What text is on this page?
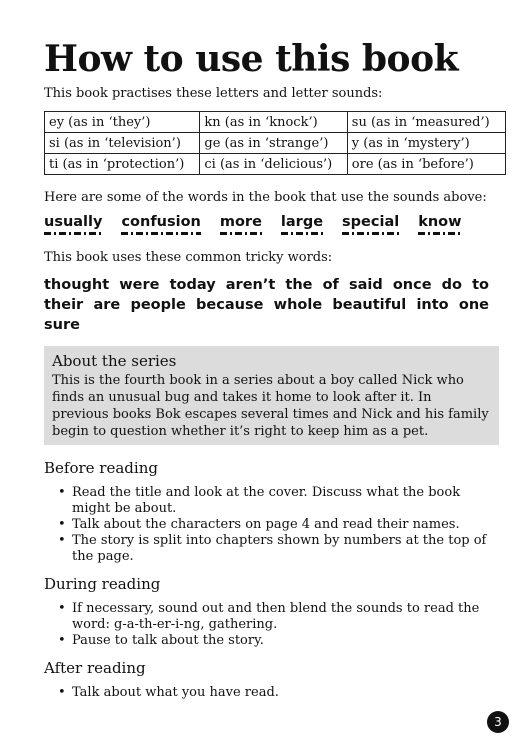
How to use this book

This book practises these letters and letter sounds:

ey (as in ‘they’)	kn (as in ‘knock’)	su (as in ‘measured’)
si (as in ‘television’)	ge (as in ‘strange’)	y (as in ‘mystery’)
ti (as in ‘protection’)	ci (as in ‘delicious’)	ore (as in ‘before’)

Here are some of the words in the book that use the sounds above:

usually confusion more large special know

This book uses these common tricky words:

thought were today aren’t the of said once do to their are people because whole beautiful into one sure

About the series

This is the fourth book in a series about a boy called Nick who finds an unusual bug and takes it home to look after it. In previous books Bok escapes several times and Nick and his family begin to question whether it’s right to keep him as a pet.

Before reading
• Read the title and look at the cover. Discuss what the book might be about.
• Talk about the characters on page 4 and read their names.
• The story is split into chapters shown by numbers at the top of the page.
During reading
• If necessary, sound out and then blend the sounds to read the word: g-a-th-er-i-ng, gathering.
• Pause to talk about the story.
After reading
• Talk about what you have read.
3
